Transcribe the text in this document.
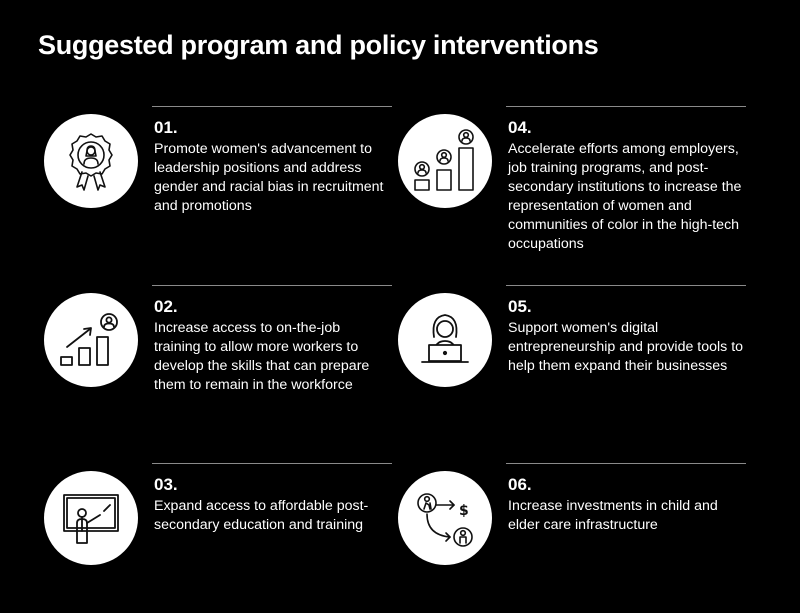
Suggested program and policy interventions
01.
Promote women's advancement to leadership positions and address gender and racial bias in recruitment and promotions
02.
Increase access to on-the-job training to allow more workers to develop the skills that can prepare them to remain in the workforce
03.
Expand access to affordable post- secondary education and training
04.
Accelerate efforts among employers, job training programs, and post-secondary institutions to increase the representation of women and communities of color in the high-tech occupations
05.
Support women's digital entrepreneurship and provide tools to help them expand their businesses
$
06.
Increase investments in child and elder care infrastructure
